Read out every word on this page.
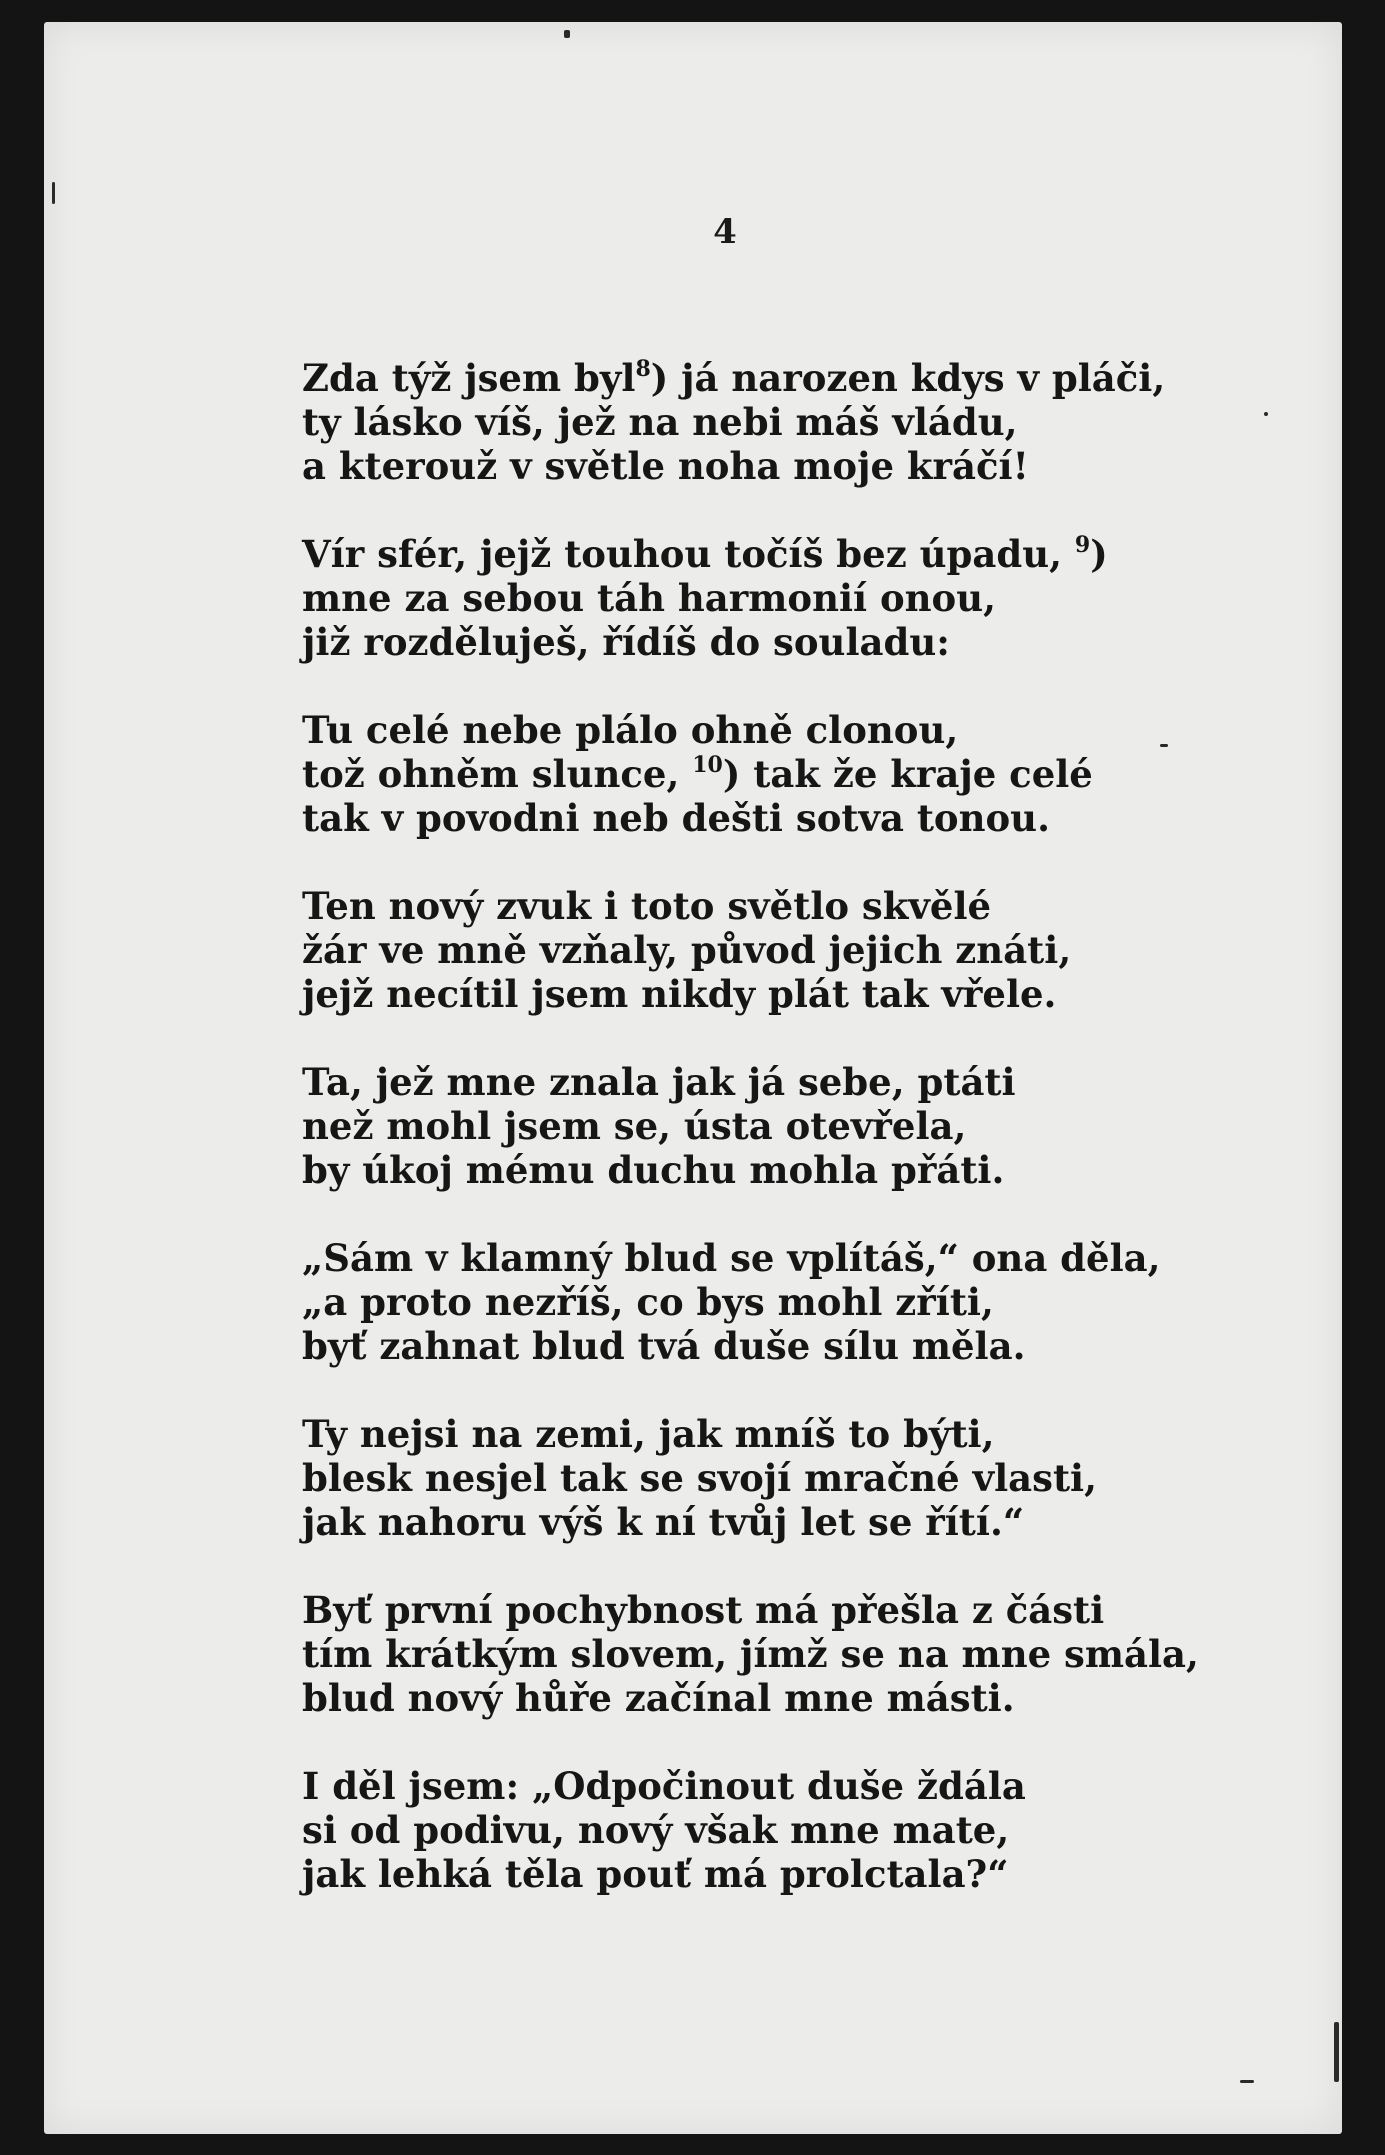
4
Zda týž jsem byl$^8$) já narozen kdys v pláči,
ty lásko víš, jež na nebi máš vládu,
a kterouž v světle noha moje kráčí!
Vír sfér, jejž touhou točíš bez úpadu, $^9$)
mne za sebou táh harmonií onou,
již rozděluješ, řídíš do souladu:
Tu celé nebe plálo ohně clonou,
tož ohněm slunce, $^{10}$) tak že kraje celé
tak v povodni neb dešti sotva tonou.
Ten nový zvuk i toto světlo skvělé
žár ve mně vzňaly, původ jejich znáti,
jejž necítil jsem nikdy plát tak vřele.
Ta, jež mne znala jak já sebe, ptáti
než mohl jsem se, ústa otevřela,
by úkoj mému duchu mohla přáti.
„Sám v klamný blud se vplítáš,“ ona děla,
„a proto nezříš, co bys mohl zříti,
byť zahnat blud tvá duše sílu měla.
Ty nejsi na zemi, jak mníš to býti,
blesk nesjel tak se svojí mračné vlasti,
jak nahoru výš k ní tvůj let se řítí.“
Byť první pochybnost má přešla z části
tím krátkým slovem, jímž se na mne smála,
blud nový hůře začínal mne másti.
I děl jsem: „Odpočinout duše ždála
si od podivu, nový však mne mate,
jak lehká těla pouť má prolctala?“
